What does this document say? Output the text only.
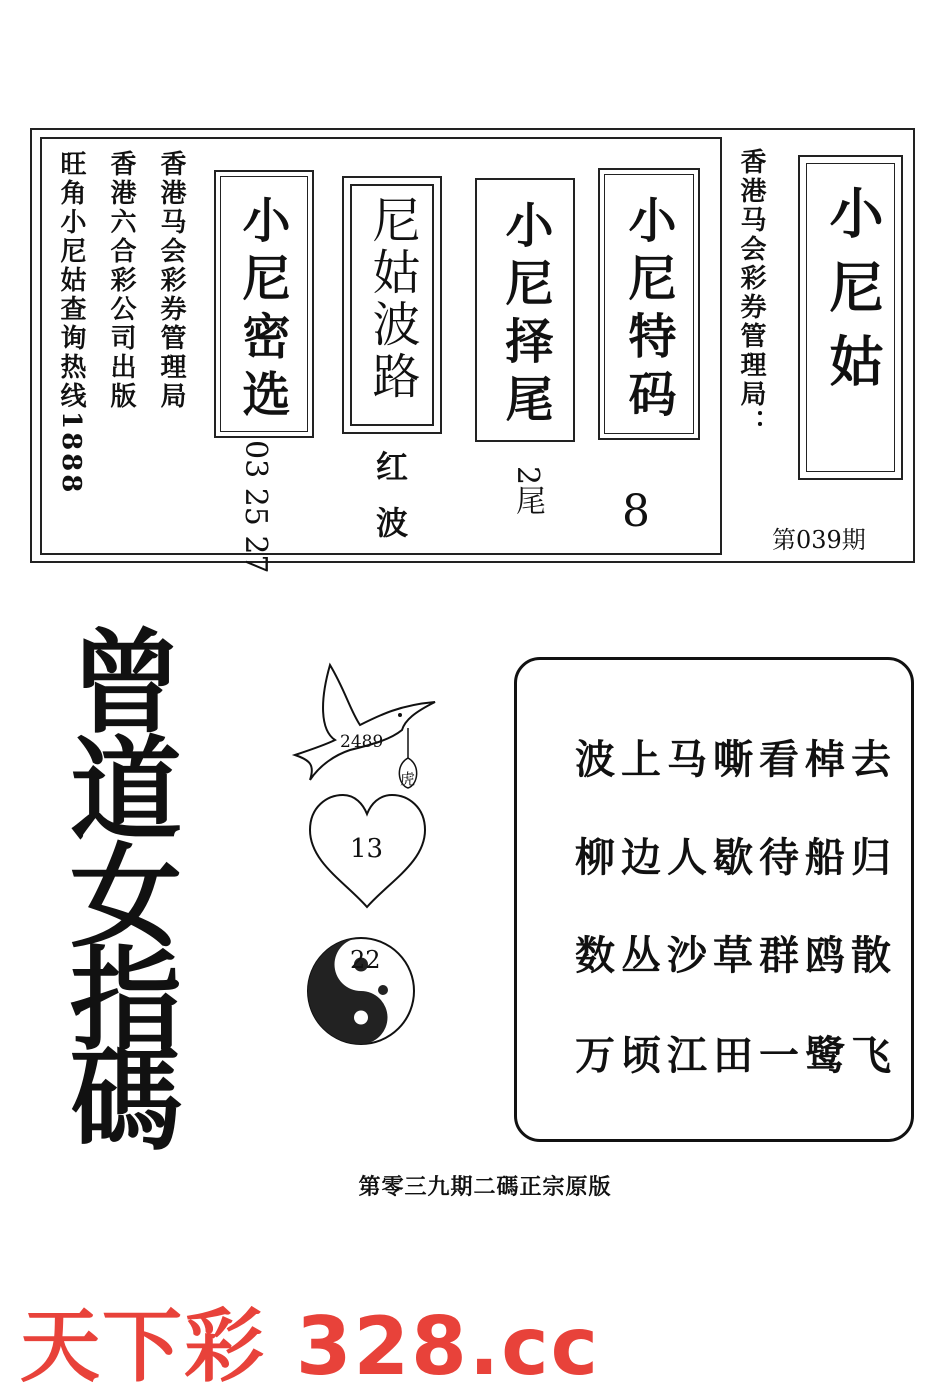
旺角小尼姑查询热线1888 香港六合彩公司出版 香港马会彩券管理局 小尼密选
03 25 27
尼姑波路
红波
小尼择尾
2尾
小尼特码
8
香港马会彩券管理局： 小尼姑
第039期
曾
道
女
指
碼
2489
虎
13
22
波上马嘶看棹去
柳边人歇待船归
数丛沙草群鸥散
万顷江田一鹭飞
第零三九期二碼正宗原版
天下彩 328.cc
